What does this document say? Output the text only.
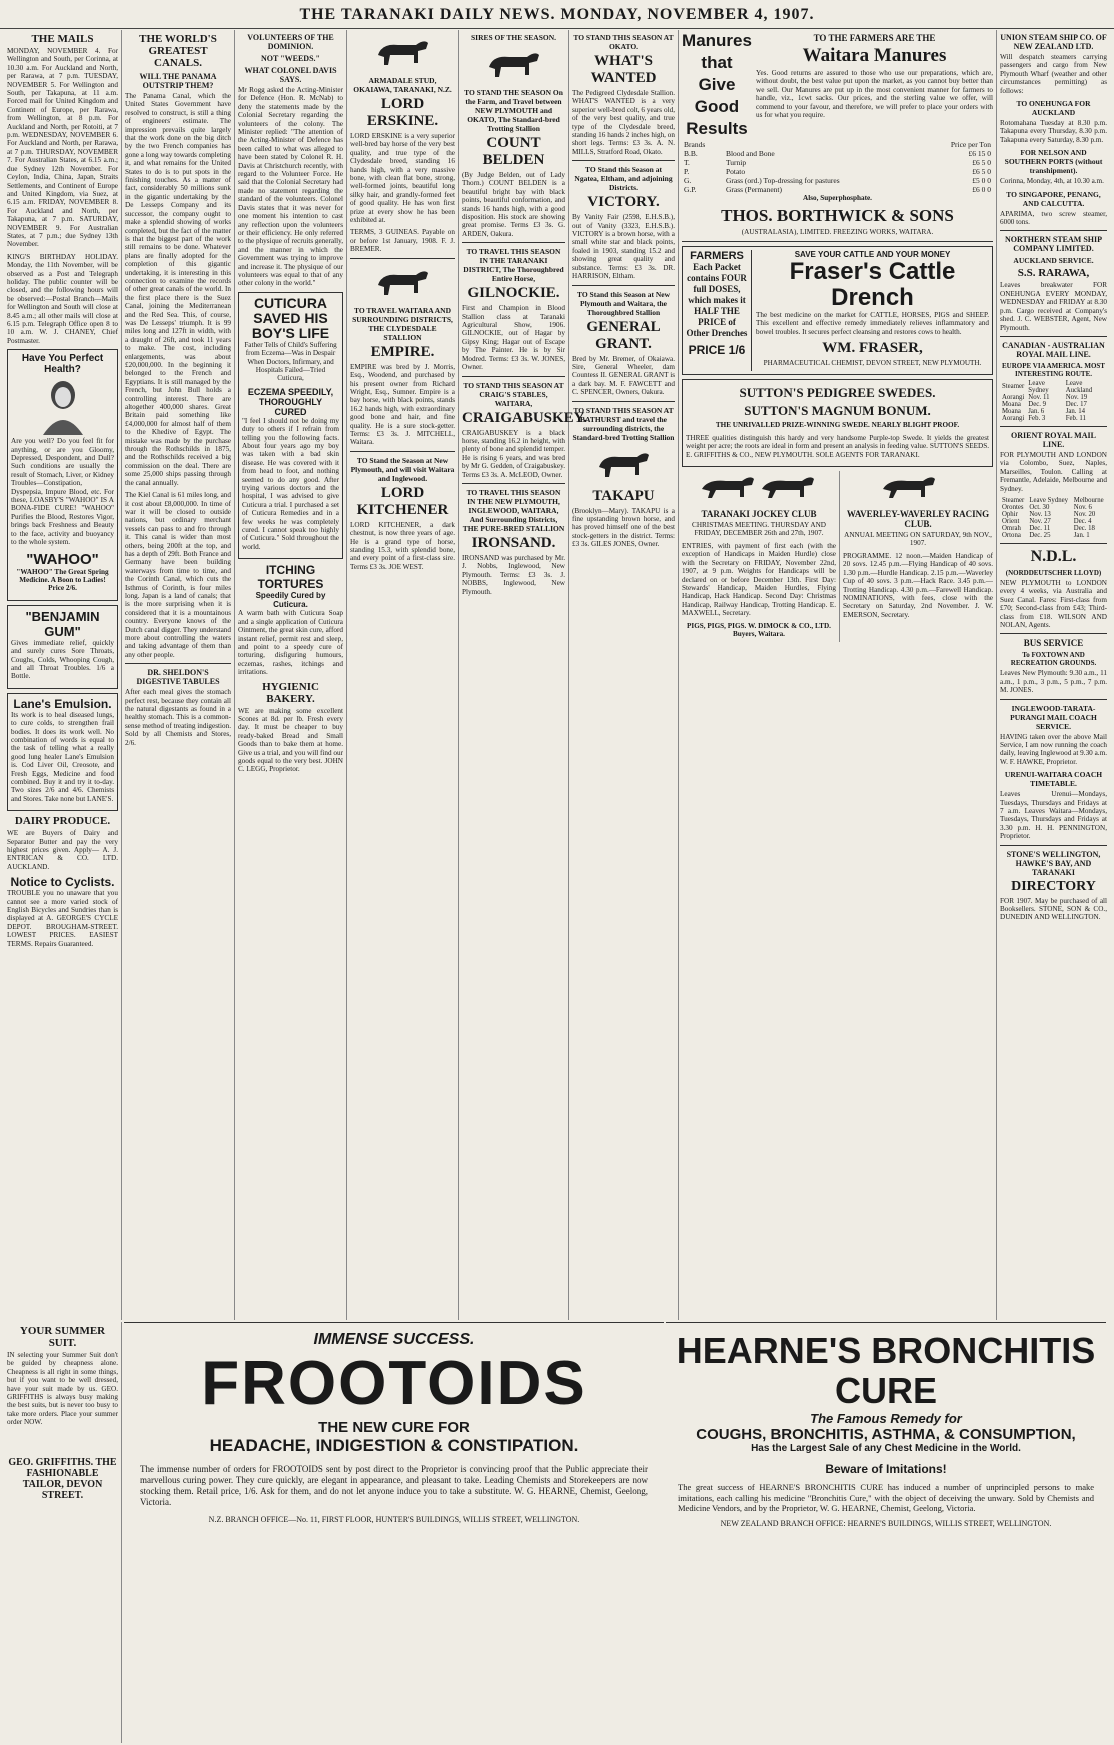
THE TARANAKI DAILY NEWS. MONDAY, NOVEMBER 4, 1907.
THE MAILS

MONDAY, NOVEMBER 4. For Wellington and South, per Corinna, at 10.30 a.m. For Auckland and North, per Rarawa, at 7 p.m. TUESDAY, NOVEMBER 5. For Wellington and South, per Takapuna, at 11 a.m. Forced mail for United Kingdom and Continent of Europe, per Rarawa, from Wellington, at 8 p.m. For Auckland and North, per Rotoiti, at 7 p.m. WEDNESDAY, NOVEMBER 6. For Auckland and North, per Rarawa, at 7 p.m. THURSDAY, NOVEMBER 7. For Australian States, at 6.15 a.m.; due Sydney 12th November. For Ceylon, India, China, Japan, Straits Settlements, and Continent of Europe and United Kingdom, via Suez, at 6.15 a.m. FRIDAY, NOVEMBER 8. For Auckland and North, per Takapuna, at 7 p.m. SATURDAY, NOVEMBER 9. For Australian States, at 7 p.m.; due Sydney 13th November.

KING'S BIRTHDAY HOLIDAY. Monday, the 11th November, will be observed as a Post and Telegraph holiday. The public counter will be closed, and the following hours will be observed:—Postal Branch—Mails for Wellington and South will close at 8.45 a.m.; all other mails will close at 6.15 p.m. Telegraph Office open 8 to 10 a.m. W. J. CHANEY, Chief Postmaster.

Have You Perfect Health?

Are you well? Do you feel fit for anything, or are you Gloomy, Depressed, Despondent, and Dull? Such conditions are usually the result of Stomach, Liver, or Kidney Troubles—Constipation, Dyspepsia, Impure Blood, etc. For these, LOASBY'S "WAHOO" IS A BONA-FIDE CURE! "WAHOO" Purifies the Blood, Restores Vigor, brings back Freshness and Beauty to the face, activity and buoyancy to the whole system.

"WAHOO"

"WAHOO" The Great Spring Medicine. A Boon to Ladies! Price 2/6.

"BENJAMIN GUM"

Gives immediate relief, quickly and surely cures Sore Throats, Coughs, Colds, Whooping Cough, and all Throat Troubles. 1/6 a Bottle.

Lane's Emulsion.

Its work is to heal diseased lungs, to cure colds, to strengthen frail bodies. It does its work well. No combination of words is equal to the task of telling what a really good lung healer Lane's Emulsion is. Cod Liver Oil, Creosote, and Fresh Eggs, Medicine and food combined. Buy it and try it to-day. Two sizes 2/6 and 4/6. Chemists and Stores. Take none but LANE'S.

DAIRY PRODUCE.

WE are Buyers of Dairy and Separator Butter and pay the very highest prices given. Apply— A. J. ENTRICAN & CO. LTD. AUCKLAND.

Notice to Cyclists.

TROUBLE you no unaware that you cannot see a more varied stock of English Bicycles and Sundries than is displayed at A. GEORGE'S CYCLE DEPOT. BROUGHAM-STREET. LOWEST PRICES. EASIEST TERMS. Repairs Guaranteed.

THE WORLD'S GREATEST CANALS.
WILL THE PANAMA OUTSTRIP THEM?

The Panama Canal, which the United States Government have resolved to construct, is still a thing of engineers' estimate. The impression prevails quite largely that the work done on the big ditch by the two French companies has gone a long way towards completing it, and what remains for the United States to do is to put spots in the finishing touches. As a matter of fact, considerably 50 millions sunk in the gigantic undertaking by the De Lesseps Company and its successor, the company ought to make a splendid showing of works completed, but the fact of the matter is that the biggest part of the work still remains to be done. Whatever plans are finally adopted for the completion of this gigantic undertaking, it is interesting in this connection to examine the records of other great canals of the world. In the first place there is the Suez Canal, joining the Mediterranean and the Red Sea. This, of course, was De Lesseps' triumph. It is 99 miles long and 127ft in width, with a draught of 26ft, and took 11 years to make. The cost, including enlargements, was about £20,000,000. In the beginning it belonged to the French and Egyptians. It is still managed by the French, but John Bull holds a controlling interest. There are altogether 400,000 shares. Great Britain paid something like £4,000,000 for almost half of them to the Khedive of Egypt. The mistake was made by the purchase through the Rothschilds in 1875, and the Rothschilds received a big commission on the deal. There are some 25,000 ships passing through the canal annually.

The Kiel Canal is 61 miles long, and it cost about £8,000,000. In time of war it will be closed to outside nations, but ordinary merchant vessels can pass to and fro through it. This canal is wider than most others, being 200ft at the top, and has a depth of 29ft. Both France and Germany have been building waterways from time to time, and the Corinth Canal, which cuts the Isthmus of Corinth, is four miles long. Japan is a land of canals; that is the more surprising when it is considered that it is a mountainous country. Everyone knows of the Dutch canal digger. They understand more about controlling the waters and taking advantage of them than any other people.

DR. SHELDON'S DIGESTIVE TABULES

After each meal gives the stomach perfect rest, because they contain all the natural digestants as found in a healthy stomach. This is a common-sense method of treating indigestion. Sold by all Chemists and Stores, 2/6.

VOLUNTEERS OF THE DOMINION.
NOT "WEEDS."
WHAT COLONEL DAVIS SAYS.

Mr Rogg asked the Acting-Minister for Defence (Hon. R. McNab) to deny the statements made by the Colonial Secretary regarding the volunteers of the colony. The Minister replied: "The attention of the Acting-Minister of Defence has been called to what was alleged to have been stated by Colonel R. H. Davis at Christchurch recently, with regard to the Volunteer Force. He said that the Colonial Secretary had made no statement regarding the standard of the volunteers. Colonel Davis states that it was never for one moment his intention to cast any reflection upon the volunteers or their efficiency. He only referred to the physique of recruits generally, and the manner in which the Government was trying to improve and increase it. The physique of our volunteers was equal to that of any other colony in the world."

CUTICURA SAVED HIS BOY'S LIFE

Father Tells of Child's Suffering from Eczema—Was in Despair When Doctors, Infirmary, and Hospitals Failed—Tried Cuticura,

ECZEMA SPEEDILY, THOROUGHLY CURED

"I feel I should not be doing my duty to others if I refrain from telling you the following facts. About four years ago my boy was taken with a bad skin disease. He was covered with it from head to foot, and nothing seemed to do any good. After trying various doctors and the hospital, I was advised to give Cuticura a trial. I purchased a set of Cuticura Remedies and in a few weeks he was completely cured. I cannot speak too highly of Cuticura." Sold throughout the world.

ITCHING TORTURES
Speedily Cured by Cuticura.

A warm bath with Cuticura Soap and a single application of Cuticura Ointment, the great skin cure, afford instant relief, permit rest and sleep, and point to a speedy cure of torturing, disfiguring humours, eczemas, rashes, itchings and irritations.

HYGIENIC BAKERY.

WE are making some excellent Scones at 8d. per lb. Fresh every day. It must be cheaper to buy ready-baked Bread and Small Goods than to bake them at home. Give us a trial, and you will find our goods equal to the very best. JOHN C. LEGG, Proprietor.

ARMADALE STUD, OKAIAWA, TARANAKI, N.Z.
LORD ERSKINE.

LORD ERSKINE is a very superior well-bred bay horse of the very best quality, and true type of the Clydesdale breed, standing 16 hands high, with a very massive bone, with clean flat bone, strong, well-formed joints, beautiful long silky hair, and grandly-formed feet of good quality. He has won first prize at every show he has been exhibited at.

TERMS, 3 GUINEAS. Payable on or before 1st January, 1908. F. J. BREMER.

TO TRAVEL WAITARA AND SURROUNDING DISTRICTS, THE CLYDESDALE STALLION
EMPIRE.

EMPIRE was bred by J. Morris, Esq., Woodend, and purchased by his present owner from Richard Wright, Esq., Sumner. Empire is a bay horse, with black points, stands 16.2 hands high, with extraordinary good bone and hair, and fine quality. He is a sure stock-getter. Terms: £3 3s. J. MITCHELL, Waitara.

TO Stand the Season at New Plymouth, and will visit Waitara and Inglewood.
LORD KITCHENER

LORD KITCHENER, a dark chestnut, is now three years of age. He is a grand type of horse, standing 15.3, with splendid bone, and every point of a first-class sire. Terms £3 3s. JOE WEST.

SIRES OF THE SEASON.
TO STAND THE SEASON On the Farm, and Travel between NEW PLYMOUTH and OKATO, The Standard-bred Trotting Stallion
COUNT BELDEN

(By Judge Belden, out of Lady Thorn.) COUNT BELDEN is a beautiful bright bay with black points, beautiful conformation, and stands 16 hands high, with a good disposition. His stock are showing great promise. Terms £3 3s. G. ARDEN, Oakura.

TO TRAVEL THIS SEASON IN THE TARANAKI DISTRICT, The Thoroughbred Entire Horse,
GILNOCKIE.

First and Champion in Blood Stallion class at Taranaki Agricultural Show, 1906. GILNOCKIE, out of Hagar by Gipsy King; Hagar out of Escape by The Painter. He is by Sir Modred. Terms: £3 3s. W. JONES, Owner.

TO STAND THIS SEASON AT CRAIG'S STABLES, WAITARA,
CRAIGABUSKEY.

CRAIGABUSKEY is a black horse, standing 16.2 in height, with plenty of bone and splendid temper. He is rising 6 years, and was bred by Mr G. Gedden, of Craigabuskey. Terms £3 3s. A. McLEOD, Owner.

TO TRAVEL THIS SEASON IN THE NEW PLYMOUTH, INGLEWOOD, WAITARA, And Surrounding Districts, THE PURE-BRED STALLION
IRONSAND.

IRONSAND was purchased by Mr. J. Nobbs, Inglewood, New Plymouth. Terms: £3 3s. J. NOBBS, Inglewood, New Plymouth.

TO STAND THIS SEASON AT OKATO.
WHAT'S WANTED

The Pedigreed Clydesdale Stallion. WHAT'S WANTED is a very superior well-bred colt, 6 years old, of the very best quality, and true type of the Clydesdale breed, standing 16 hands 2 inches high, on short legs. Terms: £3 3s. A. N. MILLS, Stratford Road, Okato.

TO Stand this Season at Ngatea, Eltham, and adjoining Districts.
VICTORY.

By Vanity Fair (2598, E.H.S.B.), out of Vanity (3323, E.H.S.B.). VICTORY is a brown horse, with a small white star and black points, foaled in 1903, standing 15.2 and showing great quality and substance. Terms: £3 3s. DR. HARRISON, Eltham.

TO Stand this Season at New Plymouth and Waitara, the Thoroughbred Stallion
GENERAL GRANT.

Bred by Mr. Bremer, of Okaiawa. Sire, General Wheeler, dam Countess II. GENERAL GRANT is a dark bay. M. F. FAWCETT and C. SPENCER, Owners, Oakura.

TO STAND THIS SEASON AT BATHURST and travel the surrounding districts, the Standard-bred Trotting Stallion
TAKAPU

(Brooklyn—Mary). TAKAPU is a fine upstanding brown horse, and has proved himself one of the best stock-getters in the district. Terms: £3 3s. GILES JONES, Owner.

Manures
that
Give
Good
Results
TO THE FARMERS ARE THE
Waitara Manures

Yes. Good returns are assured to those who use our preparations, which are, without doubt, the best value put upon the market, as you cannot buy better than we sell. Our Manures are put up in the most convenient manner for farmers to handle, viz., 1cwt sacks. Our prices, and the sterling value we offer, will commend to your favour, and therefore, we will prefer to place your orders with us for what you require.

Brands		Price per Ton
B.B.	Blood and Bone	£6 15 0
T.	Turnip	£6 5 0
P.	Potato	£6 5 0
G.	Grass (ord.) Top-dressing for pastures	£5 0 0
G.P.	Grass (Permanent)	£6 0 0

Also, Superphosphate.

THOS. BORTHWICK & SONS

(AUSTRALASIA), LIMITED. FREEZING WORKS, WAITARA.

FARMERS

Each Packet contains FOUR full DOSES, which makes it HALF THE PRICE of Other Drenches

PRICE 1/6
SAVE YOUR CATTLE AND YOUR MONEY
Fraser's Cattle Drench

The best medicine on the market for CATTLE, HORSES, PIGS and SHEEP. This excellent and effective remedy immediately relieves inflammatory and bowel troubles. It secures perfect cleansing and restores cows to health.

WM. FRASER,

PHARMACEUTICAL CHEMIST, DEVON STREET, NEW PLYMOUTH.

SUTTON'S PEDIGREE SWEDES.
SUTTON'S MAGNUM BONUM.

THE UNRIVALLED PRIZE-WINNING SWEDE. NEARLY BLIGHT PROOF.

THREE qualities distinguish this hardy and very handsome Purple-top Swede. It yields the greatest weight per acre; the roots are ideal in form and present an analysis in feeding value. SUTTON'S SEEDS. E. GRIFFITHS & CO., NEW PLYMOUTH. SOLE AGENTS FOR TARANAKI.

TARANAKI JOCKEY CLUB

CHRISTMAS MEETING. THURSDAY AND FRIDAY, DECEMBER 26th and 27th, 1907.

ENTRIES, with payment of first each (with the exception of Handicaps in Maiden Hurdle) close with the Secretary on FRIDAY, November 22nd, 1907, at 9 p.m. Weights for Handicaps will be declared on or before December 13th. First Day: Stewards' Handicap, Maiden Hurdles, Flying Handicap, Hack Handicap. Second Day: Christmas Handicap, Railway Handicap, Trotting Handicap. E. MAXWELL, Secretary.

PIGS, PIGS, PIGS. W. DIMOCK & CO., LTD. Buyers, Waitara.

WAVERLEY-WAVERLEY RACING CLUB.

ANNUAL MEETING ON SATURDAY, 9th NOV., 1907.

PROGRAMME. 12 noon.—Maiden Handicap of 20 sovs. 12.45 p.m.—Flying Handicap of 40 sovs. 1.30 p.m.—Hurdle Handicap. 2.15 p.m.—Waverley Cup of 40 sovs. 3 p.m.—Hack Race. 3.45 p.m.—Trotting Handicap. 4.30 p.m.—Farewell Handicap. NOMINATIONS, with fees, close with the Secretary on Saturday, 2nd November. J. W. EMERSON, Secretary.

UNION STEAM SHIP CO. OF NEW ZEALAND LTD.

Will despatch steamers carrying passengers and cargo from New Plymouth Wharf (weather and other circumstances permitting) as follows:

TO ONEHUNGA FOR AUCKLAND

Rotomahana Tuesday at 8.30 p.m. Takapuna every Thursday, 8.30 p.m. Takapuna every Saturday, 8.30 p.m.

FOR NELSON AND SOUTHERN PORTS (without transhipment).

Corinna, Monday, 4th, at 10.30 a.m.

TO SINGAPORE, PENANG, AND CALCUTTA.

APARIMA, two screw steamer, 6000 tons.

NORTHERN STEAM SHIP COMPANY LIMITED.
AUCKLAND SERVICE.
S.S. RARAWA,

Leaves breakwater FOR ONEHUNGA EVERY MONDAY, WEDNESDAY and FRIDAY at 8.30 p.m. Cargo received at Company's shed. J. C. WEBSTER, Agent, New Plymouth.

CANADIAN - AUSTRALIAN ROYAL MAIL LINE.
EUROPE VIA AMERICA. MOST INTERESTING ROUTE.
Steamer	Leave Sydney	Leave Auckland
Aorangi	Nov. 11	Nov. 19
Moana	Dec. 9	Dec. 17
Moana	Jan. 6	Jan. 14
Aorangi	Feb. 3	Feb. 11
ORIENT ROYAL MAIL LINE.

FOR PLYMOUTH AND LONDON via Colombo, Suez, Naples, Marseilles, Toulon. Calling at Fremantle, Adelaide, Melbourne and Sydney.

Steamer	Leave Sydney	Melbourne
Orontes	Oct. 30	Nov. 6
Ophir	Nov. 13	Nov. 20
Orient	Nov. 27	Dec. 4
Omrah	Dec. 11	Dec. 18
Ortona	Dec. 25	Jan. 1
N.D.L.
(NORDDEUTSCHER LLOYD)

NEW PLYMOUTH to LONDON every 4 weeks, via Australia and Suez Canal. Fares: First-class from £70; Second-class from £43; Third-class from £18. WILSON AND NOLAN, Agents.

BUS SERVICE
To FOXTOWN AND RECREATION GROUNDS.

Leaves New Plymouth: 9.30 a.m., 11 a.m., 1 p.m., 3 p.m., 5 p.m., 7 p.m. M. JONES.

INGLEWOOD-TARATA-PURANGI MAIL COACH SERVICE.

HAVING taken over the above Mail Service, I am now running the coach daily, leaving Inglewood at 9.30 a.m. W. F. HAWKE, Proprietor.

URENUI-WAITARA COACH TIMETABLE.

Leaves Urenui—Mondays, Tuesdays, Thursdays and Fridays at 7 a.m. Leaves Waitara—Mondays, Tuesdays, Thursdays and Fridays at 3.30 p.m. H. H. PENNINGTON, Proprietor.

STONE'S WELLINGTON, HAWKE'S BAY, AND TARANAKI
DIRECTORY

FOR 1907. May be purchased of all Booksellers. STONE, SON & CO., DUNEDIN AND WELLINGTON.

YOUR SUMMER SUIT.

IN selecting your Summer Suit don't be guided by cheapness alone. Cheapness is all right in some things, but if you want to be well dressed, have your suit made by us. GEO. GRIFFITHS is always busy making the best suits, but is never too busy to take more orders. Place your summer order NOW.

GEO. GRIFFITHS. THE FASHIONABLE TAILOR, DEVON STREET.
IMMENSE SUCCESS.
FROOTOIDS
THE NEW CURE FOR
HEADACHE, INDIGESTION & CONSTIPATION.

The immense number of orders for FROOTOIDS sent by post direct to the Proprietor is convincing proof that the Public appreciate their marvellous curing power. They cure quickly, are elegant in appearance, and pleasant to take. Leading Chemists and Storekeepers are now stocking them. Retail price, 1/6. Ask for them, and do not let anyone induce you to take a substitute. W. G. HEARNE, Chemist, Geelong, Victoria.

N.Z. BRANCH OFFICE—No. 11, FIRST FLOOR, HUNTER'S BUILDINGS, WILLIS STREET, WELLINGTON.

HEARNE'S BRONCHITIS CURE
The Famous Remedy for
COUGHS, BRONCHITIS, ASTHMA, & CONSUMPTION,
Has the Largest Sale of any Chest Medicine in the World.
Beware of Imitations!

The great success of HEARNE'S BRONCHITIS CURE has induced a number of unprincipled persons to make imitations, each calling his medicine "Bronchitis Cure," with the object of deceiving the unwary. Sold by Chemists and Medicine Vendors, and by the Proprietor, W. G. HEARNE, Chemist, Geelong, Victoria.

NEW ZEALAND BRANCH OFFICE: HEARNE'S BUILDINGS, WILLIS STREET, WELLINGTON.
